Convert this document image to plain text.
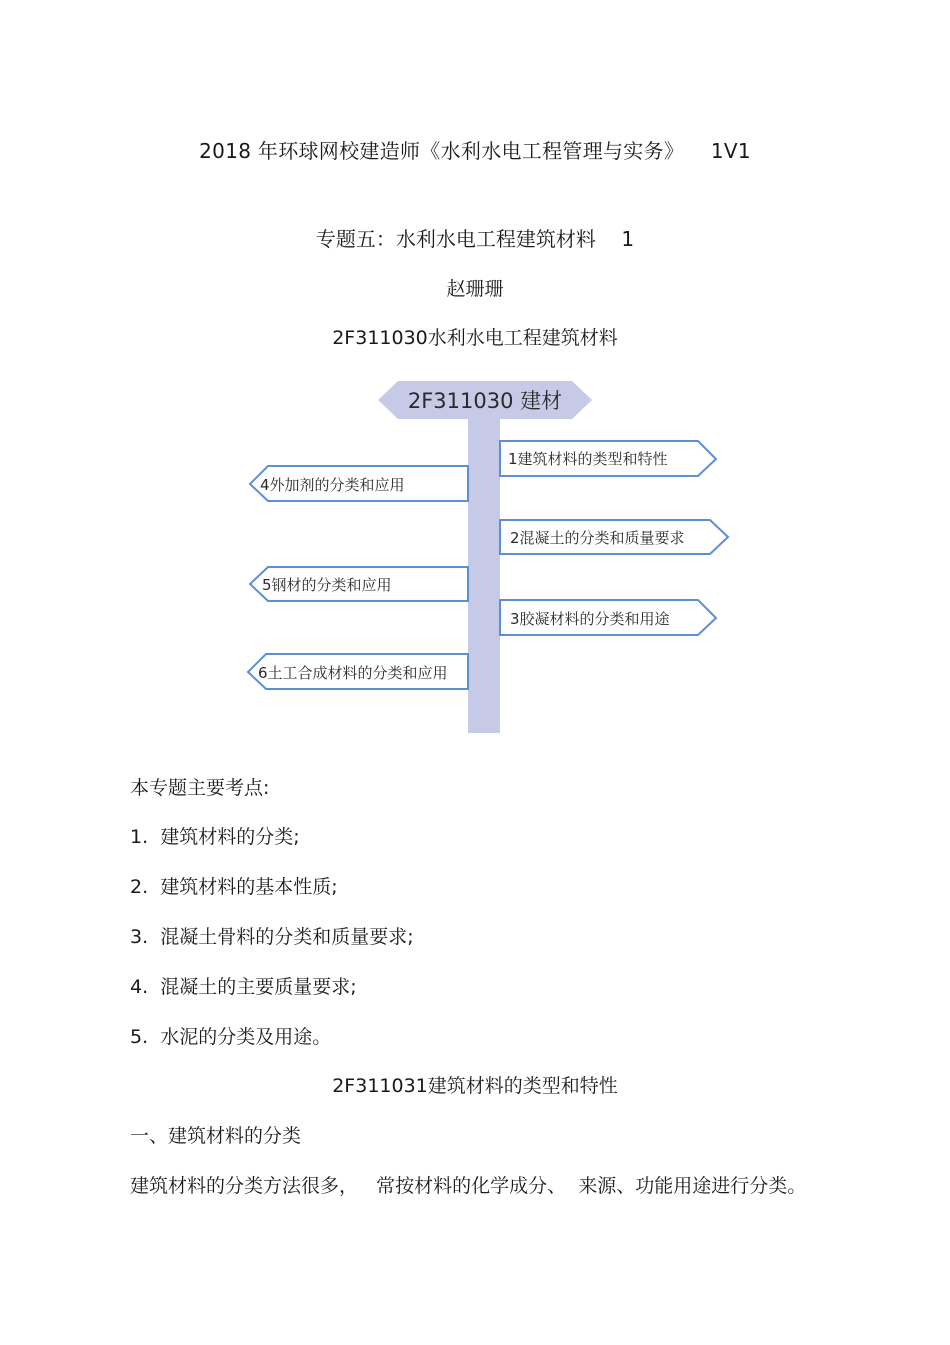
2018 年环球网校建造师《水利水电工程管理与实务》    1V1
专题五：水利水电工程建筑材料    1
赵珊珊
2F311030水利水电工程建筑材料
2F311030 建材
1建筑材料的类型和特性
2混凝土的分类和质量要求
3胶凝材料的分类和用途
4外加剂的分类和应用
5钢材的分类和应用
6土工合成材料的分类和应用
本专题主要考点:
1.  建筑材料的分类;
2.  建筑材料的基本性质;
3.  混凝土骨料的分类和质量要求;
4.  混凝土的主要质量要求;
5.  水泥的分类及用途。
2F311031建筑材料的类型和特性
一、建筑材料的分类
建筑材料的分类方法很多，   常按材料的化学成分、  来源、功能用途进行分类。
